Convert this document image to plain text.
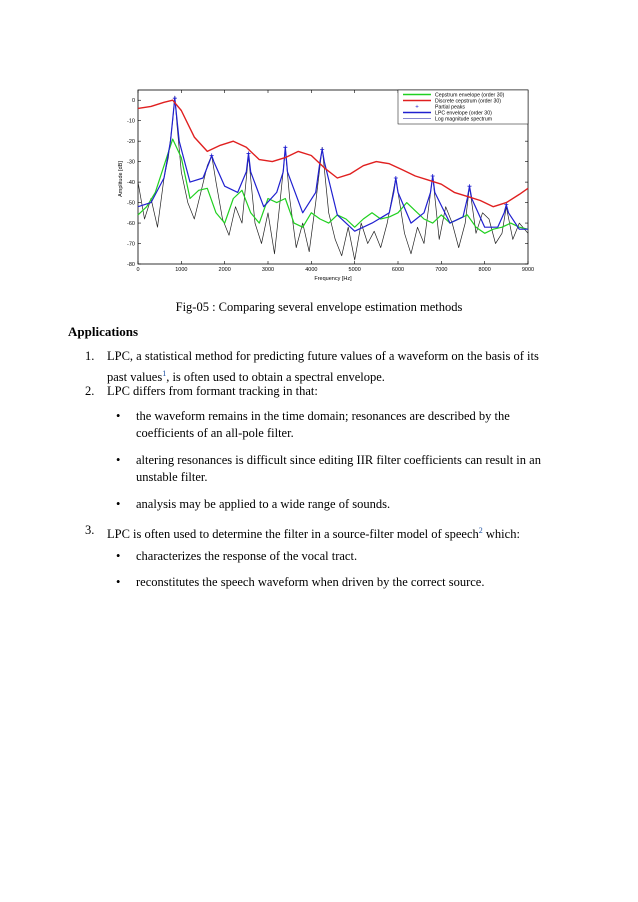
0
-10
-20
-30
-40
-50
-60
-70
-80
0	1000	2000	3000	4000	5000	6000	7000	8000	9000
Amplitude [dB]
Frequency [Hz]
+
Cepstrum envelope (order 30)
Discrete cepstrum (order 30)
Partial peaks
LPC envelope (order 30)
Log magnitude spectrum
Fig-05 : Comparing several envelope estimation methods
Applications
1. LPC, a statistical method for predicting future values of a waveform on the basis of its
past values$^1$, is often used to obtain a spectral envelope.
2. LPC differs from formant tracking in that:
• the waveform remains in the time domain; resonances are described by the
coefficients of an all-pole filter.
• altering resonances is difficult since editing IIR filter coefficients can result in an
unstable filter.
• analysis may be applied to a wide range of sounds.
3. LPC is often used to determine the filter in a source-filter model of speech$^2$ which:
• characterizes the response of the vocal tract.
• reconstitutes the speech waveform when driven by the correct source.
